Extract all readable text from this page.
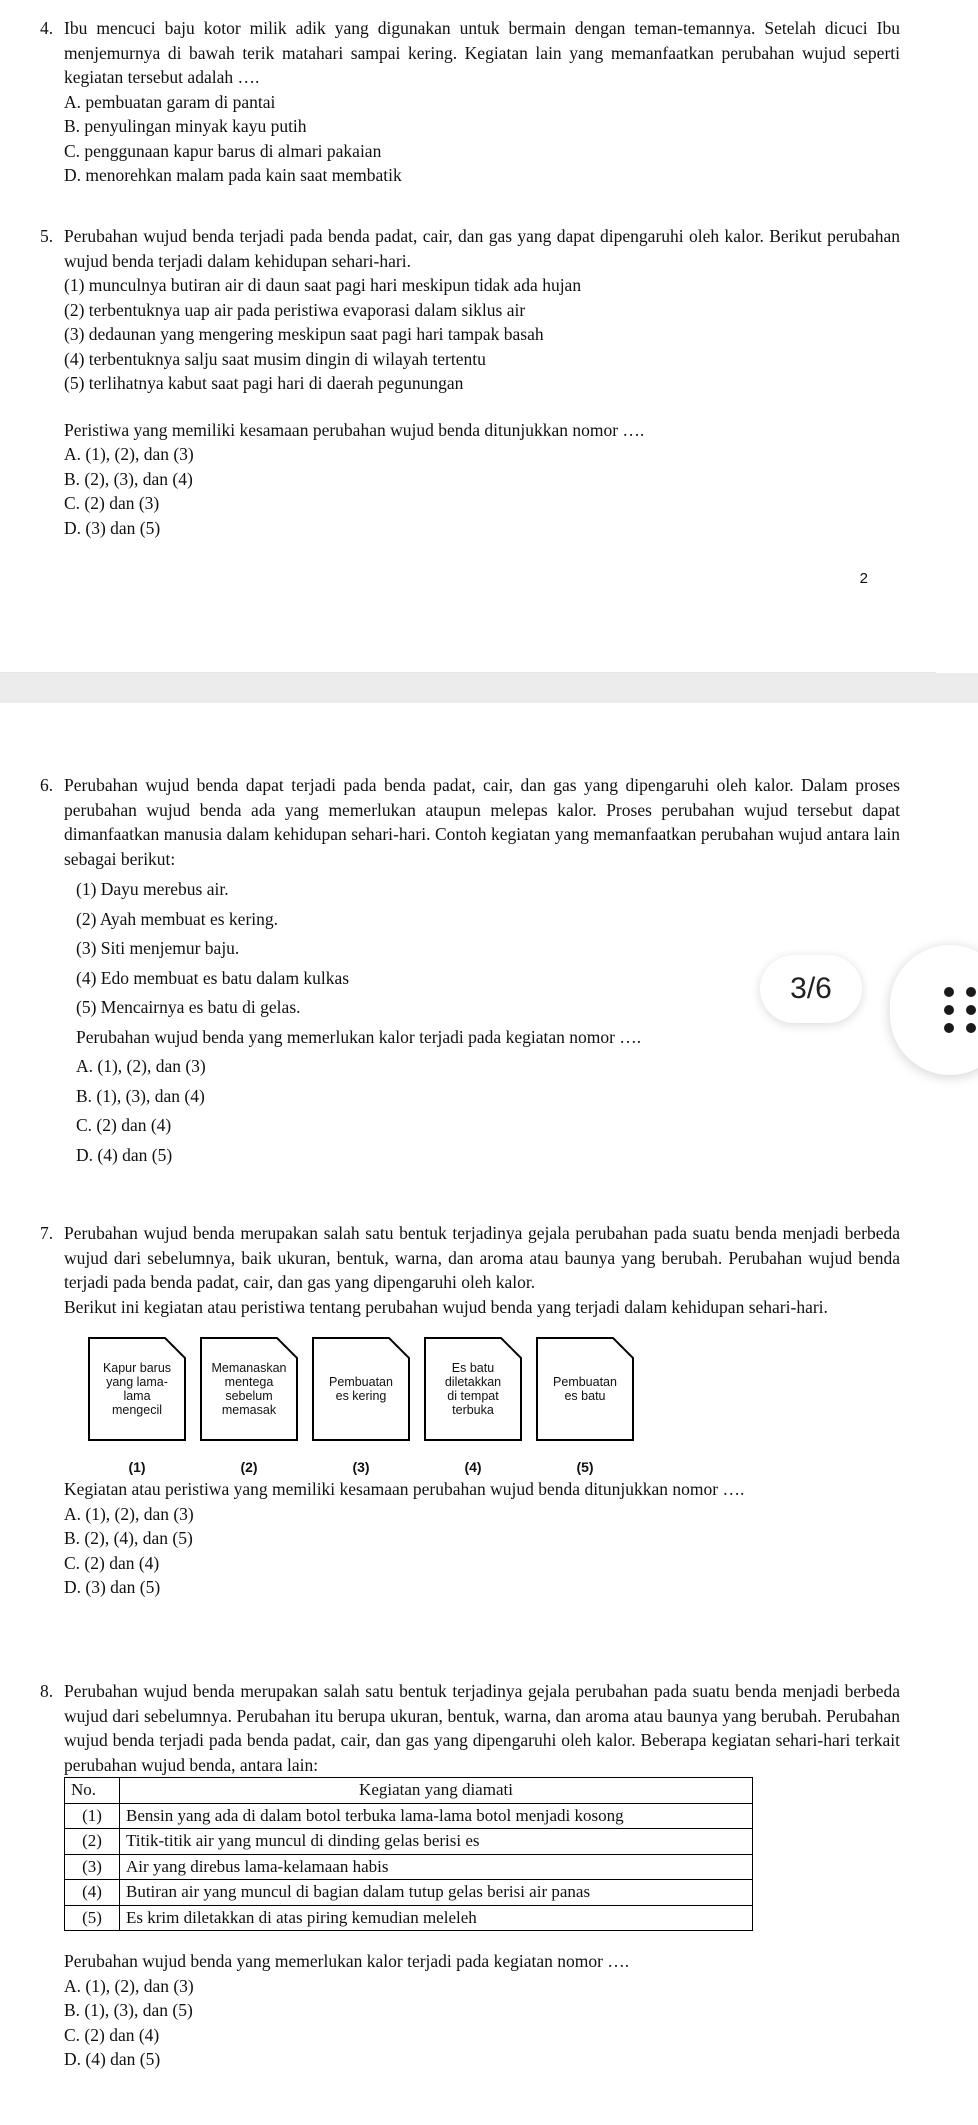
4. Ibu mencuci baju kotor milik adik yang digunakan untuk bermain dengan teman-temannya. Setelah dicuci Ibu menjemurnya di bawah terik matahari sampai kering. Kegiatan lain yang memanfaatkan perubahan wujud seperti kegiatan tersebut adalah ….

A. pembuatan garam di pantai
B. penyulingan minyak kayu putih
C. penggunaan kapur barus di almari pakaian
D. menorehkan malam pada kain saat membatik
5. Perubahan wujud benda terjadi pada benda padat, cair, dan gas yang dapat dipengaruhi oleh kalor. Berikut perubahan wujud benda terjadi dalam kehidupan sehari-hari.

(1) munculnya butiran air di daun saat pagi hari meskipun tidak ada hujan
(2) terbentuknya uap air pada peristiwa evaporasi dalam siklus air
(3) dedaunan yang mengering meskipun saat pagi hari tampak basah
(4) terbentuknya salju saat musim dingin di wilayah tertentu
(5) terlihatnya kabut saat pagi hari di daerah pegunungan
Peristiwa yang memiliki kesamaan perubahan wujud benda ditunjukkan nomor ….
A. (1), (2), dan (3)
B. (2), (3), dan (4)
C. (2) dan (3)
D. (3) dan (5)
2
6. Perubahan wujud benda dapat terjadi pada benda padat, cair, dan gas yang dipengaruhi oleh kalor. Dalam proses perubahan wujud benda ada yang memerlukan ataupun melepas kalor. Proses perubahan wujud tersebut dapat dimanfaatkan manusia dalam kehidupan sehari-hari. Contoh kegiatan yang memanfaatkan perubahan wujud antara lain sebagai berikut:

(1) Dayu merebus air.
(2) Ayah membuat es kering.
(3) Siti menjemur baju.
(4) Edo membuat es batu dalam kulkas
(5) Mencairnya es batu di gelas.
Perubahan wujud benda yang memerlukan kalor terjadi pada kegiatan nomor ….
A. (1), (2), dan (3)
B. (1), (3), dan (4)
C. (2) dan (4)
D. (4) dan (5)
7. Perubahan wujud benda merupakan salah satu bentuk terjadinya gejala perubahan pada suatu benda menjadi berbeda wujud dari sebelumnya, baik ukuran, bentuk, warna, dan aroma atau baunya yang berubah. Perubahan wujud benda terjadi pada benda padat, cair, dan gas yang dipengaruhi oleh kalor.

Berikut ini kegiatan atau peristiwa tentang perubahan wujud benda yang terjadi dalam kehidupan sehari-hari.

Kapur barus
yang lama-
lama
mengecil
Memanaskan
mentega
sebelum
memasak
Pembuatan
es kering
Es batu
diletakkan
di tempat
terbuka
Pembuatan
es batu
(1)	(2)	(3)	(4)	(5)
Kegiatan atau peristiwa yang memiliki kesamaan perubahan wujud benda ditunjukkan nomor ….
A. (1), (2), dan (3)
B. (2), (4), dan (5)
C. (2) dan (4)
D. (3) dan (5)
8. Perubahan wujud benda merupakan salah satu bentuk terjadinya gejala perubahan pada suatu benda menjadi berbeda wujud dari sebelumnya. Perubahan itu berupa ukuran, bentuk, warna, dan aroma atau baunya yang berubah. Perubahan wujud benda terjadi pada benda padat, cair, dan gas yang dipengaruhi oleh kalor. Beberapa kegiatan sehari-hari terkait perubahan wujud benda, antara lain:

No.	Kegiatan yang diamati
(1)	Bensin yang ada di dalam botol terbuka lama-lama botol menjadi kosong
(2)	Titik-titik air yang muncul di dinding gelas berisi es
(3)	Air yang direbus lama-kelamaan habis
(4)	Butiran air yang muncul di bagian dalam tutup gelas berisi air panas
(5)	Es krim diletakkan di atas piring kemudian meleleh
Perubahan wujud benda yang memerlukan kalor terjadi pada kegiatan nomor ….
A. (1), (2), dan (3)
B. (1), (3), dan (5)
C. (2) dan (4)
D. (4) dan (5)
3/6
